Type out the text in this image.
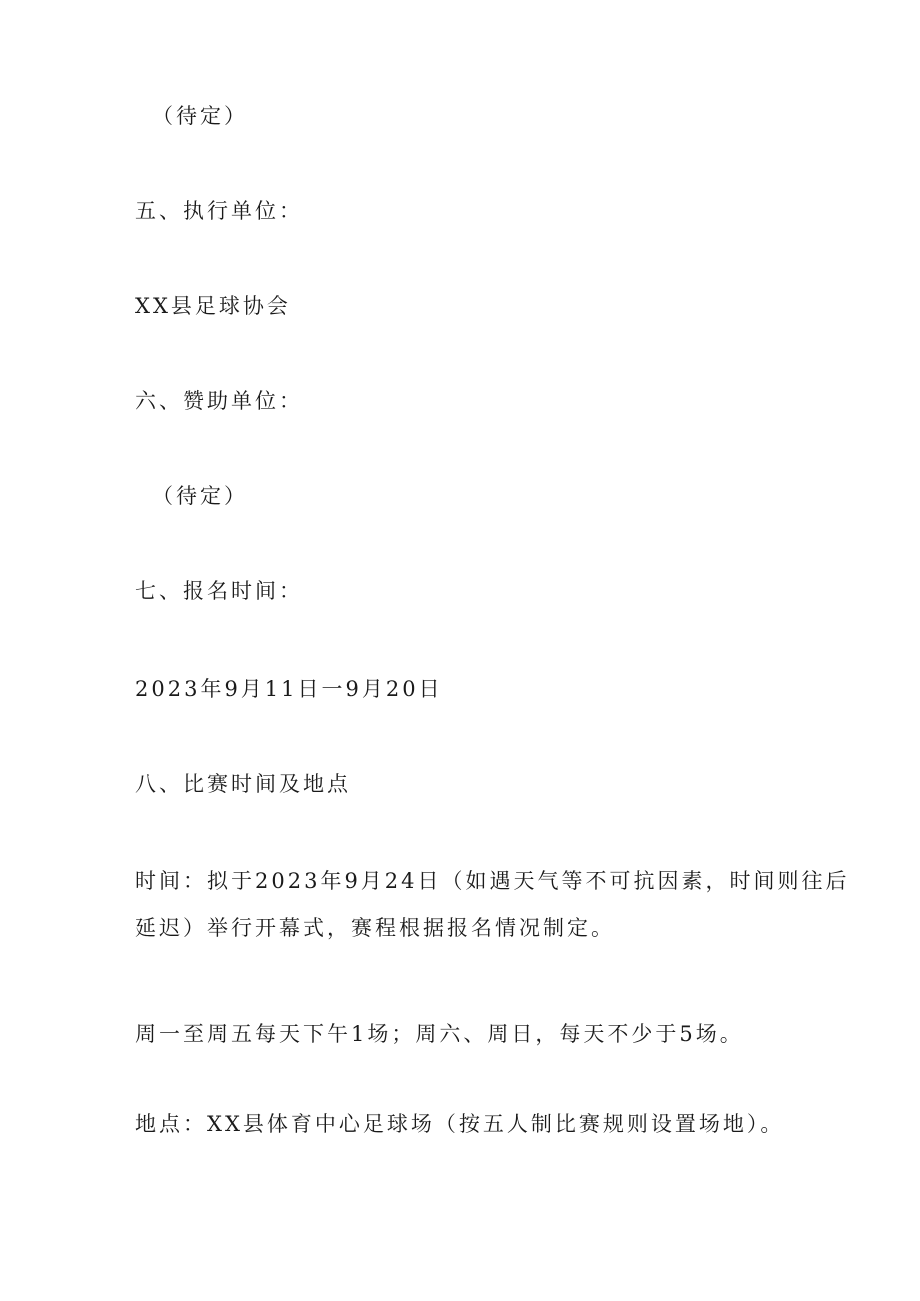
（待定）

五、执行单位：

XX县足球协会

六、赞助单位：

（待定）

七、报名时间：

2023年9月11日一9月20日

八、比赛时间及地点

时间：拟于2023年9月24日（如遇天气等不可抗因素，时间则往后

延迟）举行开幕式，赛程根据报名情况制定。

周一至周五每天下午1场；周六、周日，每天不少于5场。

地点：XX县体育中心足球场（按五人制比赛规则设置场地）。
